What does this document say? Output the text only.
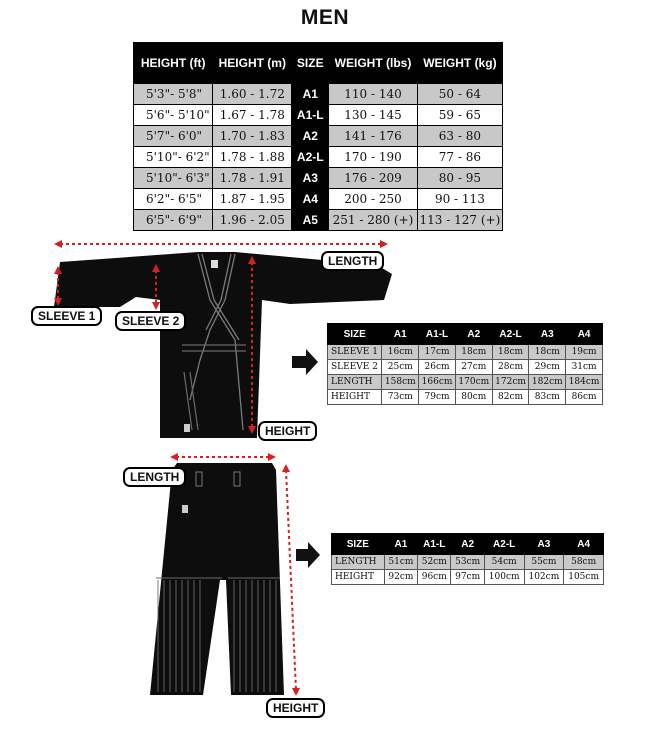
MEN
HEIGHT (ft)	HEIGHT (m)	SIZE	WEIGHT (lbs)	WEIGHT (kg)
5'3"- 5'8"	1.60 - 1.72	A1	110 - 140	50 - 64
5'6"- 5'10"	1.67 - 1.78	A1-L	130 - 145	59 - 65
5'7"- 6'0"	1.70 - 1.83	A2	141 - 176	63 - 80
5'10"- 6'2"	1.78 - 1.88	A2-L	170 - 190	77 - 86
5'10"- 6'3"	1.78 - 1.91	A3	176 - 209	80 - 95
6'2"- 6'5"	1.87 - 1.95	A4	200 - 250	90 - 113
6'5"- 6'9"	1.96 - 2.05	A5	251 - 280 (+)	113 - 127 (+)
LENGTH
SLEEVE 1	SLEEVE 2
HEIGHT
LENGTH
HEIGHT
SIZE	A1	A1-L	A2	A2-L	A3	A4
SLEEVE 1	16cm	17cm	18cm	18cm	18cm	19cm
SLEEVE 2	25cm	26cm	27cm	28cm	29cm	31cm
LENGTH	158cm	166cm	170cm	172cm	182cm	184cm
HEIGHT	73cm	79cm	80cm	82cm	83cm	86cm
SIZE	A1	A1-L	A2	A2-L	A3	A4
LENGTH	51cm	52cm	53cm	54cm	55cm	58cm
HEIGHT	92cm	96cm	97cm	100cm	102cm	105cm
